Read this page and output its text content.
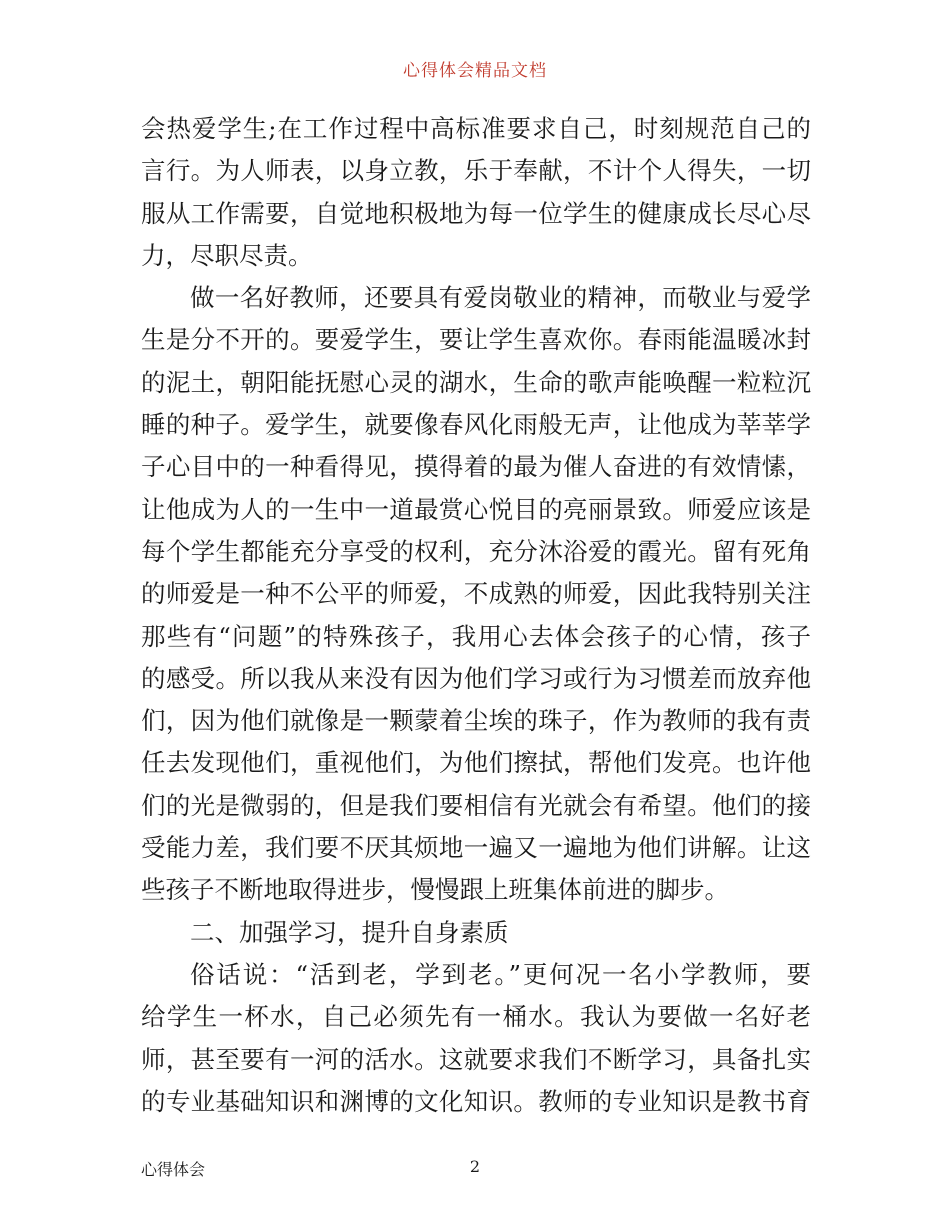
心得体会精品文档
会热爱学生;在工作过程中高标准要求自己，时刻规范自己的
言行。为人师表，以身立教，乐于奉献，不计个人得失，一切
服从工作需要，自觉地积极地为每一位学生的健康成长尽心尽
力，尽职尽责。
做一名好教师，还要具有爱岗敬业的精神，而敬业与爱学
生是分不开的。要爱学生，要让学生喜欢你。春雨能温暖冰封
的泥土，朝阳能抚慰心灵的湖水，生命的歌声能唤醒一粒粒沉
睡的种子。爱学生，就要像春风化雨般无声，让他成为莘莘学
子心目中的一种看得见，摸得着的最为催人奋进的有效情愫，
让他成为人的一生中一道最赏心悦目的亮丽景致。师爱应该是
每个学生都能充分享受的权利，充分沐浴爱的霞光。留有死角
的师爱是一种不公平的师爱，不成熟的师爱，因此我特别关注
那些有“问题”的特殊孩子，我用心去体会孩子的心情，孩子
的感受。所以我从来没有因为他们学习或行为习惯差而放弃他
们，因为他们就像是一颗蒙着尘埃的珠子，作为教师的我有责
任去发现他们，重视他们，为他们擦拭，帮他们发亮。也许他
们的光是微弱的，但是我们要相信有光就会有希望。他们的接
受能力差，我们要不厌其烦地一遍又一遍地为他们讲解。让这
些孩子不断地取得进步，慢慢跟上班集体前进的脚步。
二、加强学习，提升自身素质
俗话说：“活到老，学到老。”更何况一名小学教师，要
给学生一杯水，自己必须先有一桶水。我认为要做一名好老
师，甚至要有一河的活水。这就要求我们不断学习，具备扎实
的专业基础知识和渊博的文化知识。教师的专业知识是教书育
心得体会	2
